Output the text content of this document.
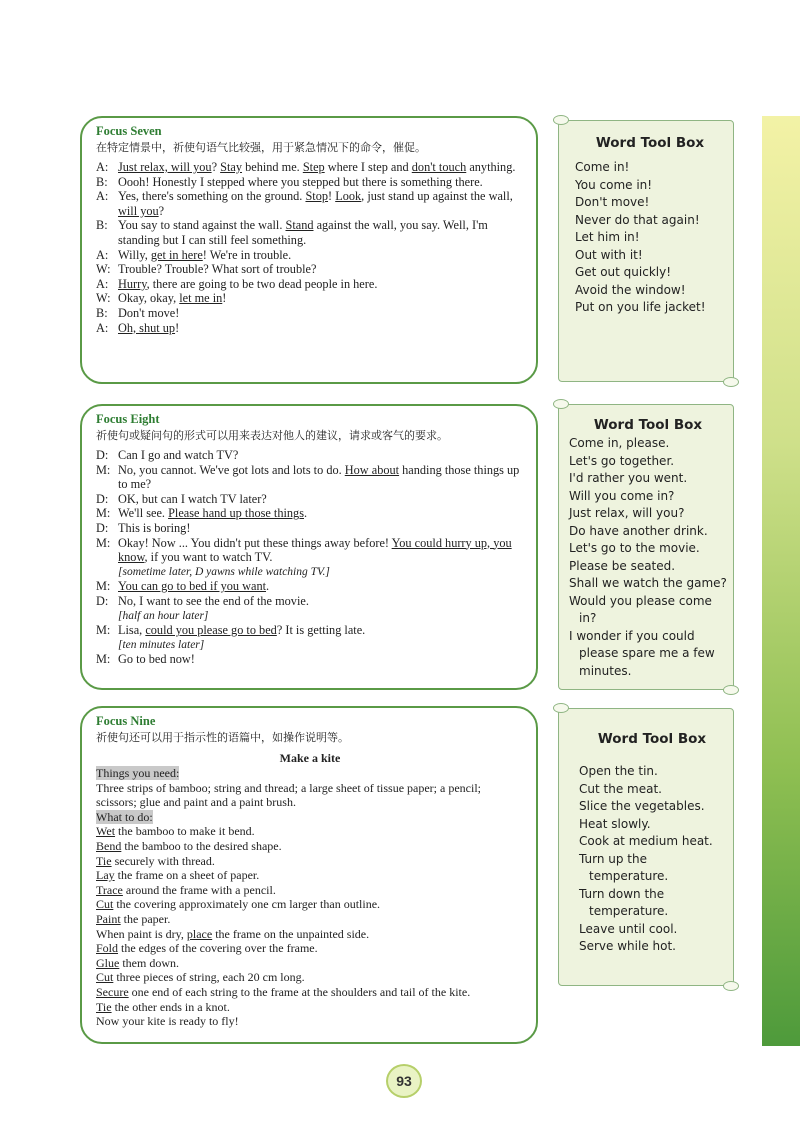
Focus Seven
在特定情景中，祈使句语气比较强，用于紧急情况下的命令，催促。
A: Just relax, will you? Stay behind me. Step where I step and don't touch anything.
B: Oooh! Honestly I stepped where you stepped but there is something there.
A: Yes, there's something on the ground. Stop! Look, just stand up against the wall, will you?
B: You say to stand against the wall. Stand against the wall, you say. Well, I'm standing but I can still feel something.
A: Willy, get in here! We're in trouble.
W: Trouble? Trouble? What sort of trouble?
A: Hurry, there are going to be two dead people in here.
W: Okay, okay, let me in!
B: Don't move!
A: Oh, shut up!
Focus Eight
祈使句或疑问句的形式可以用来表达对他人的建议，请求或客气的要求。
D: Can I go and watch TV?
M: No, you cannot. We've got lots and lots to do. How about handing those things up to me?
D: OK, but can I watch TV later?
M: We'll see. Please hand up those things.
D: This is boring!
M: Okay! Now ... You didn't put these things away before! You could hurry up, you know, if you want to watch TV.
[sometime later, D yawns while watching TV.]
M: You can go to bed if you want.
D: No, I want to see the end of the movie.
[half an hour later]
M: Lisa, could you please go to bed? It is getting late.
[ten minutes later]
M: Go to bed now!
Focus Nine
祈使句还可以用于指示性的语篇中，如操作说明等。
Make a kite
Things you need:
Three strips of bamboo; string and thread; a large sheet of tissue paper; a pencil; scissors; glue and paint and a paint brush.
What to do:
Wet the bamboo to make it bend.
Bend the bamboo to the desired shape.
Tie securely with thread.
Lay the frame on a sheet of paper.
Trace around the frame with a pencil.
Cut the covering approximately one cm larger than outline.
Paint the paper.
When paint is dry, place the frame on the unpainted side.
Fold the edges of the covering over the frame.
Glue them down.
Cut three pieces of string, each 20 cm long.
Secure one end of each string to the frame at the shoulders and tail of the kite.
Tie the other ends in a knot.
Now your kite is ready to fly!
Word Tool Box
Come in!
You come in!
Don't move!
Never do that again!
Let him in!
Out with it!
Get out quickly!
Avoid the window!
Put on you life jacket!
Word Tool Box
Come in, please.
Let's go together.
I'd rather you went.
Will you come in?
Just relax, will you?
Do have another drink.
Let's go to the movie.
Please be seated.
Shall we watch the game?
Would you please come in?
I wonder if you could please spare me a few minutes.
Word Tool Box
Open the tin.
Cut the meat.
Slice the vegetables.
Heat slowly.
Cook at medium heat.
Turn up the temperature.
Turn down the temperature.
Leave until cool.
Serve while hot.
93
